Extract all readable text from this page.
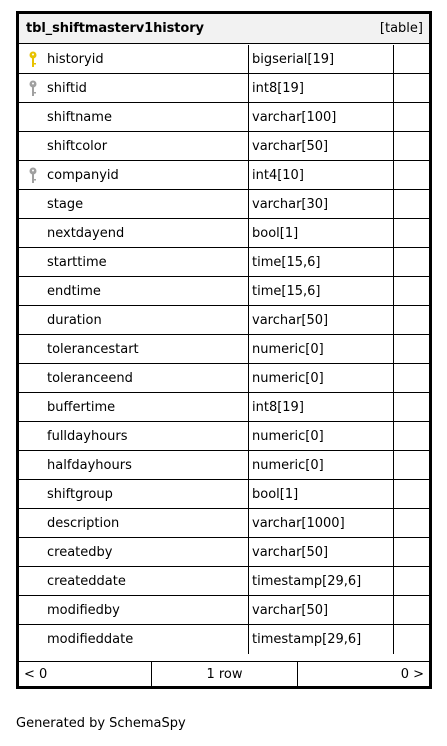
tbl_shiftmasterv1history	[table]
historyid	bigserial[19]
shiftid	int8[19]
shiftname	varchar[100]
shiftcolor	varchar[50]
companyid	int4[10]
stage	varchar[30]
nextdayend	bool[1]
starttime	time[15,6]
endtime	time[15,6]
duration	varchar[50]
tolerancestart	numeric[0]
toleranceend	numeric[0]
buffertime	int8[19]
fulldayhours	numeric[0]
halfdayhours	numeric[0]
shiftgroup	bool[1]
description	varchar[1000]
createdby	varchar[50]
createddate	timestamp[29,6]
modifiedby	varchar[50]
modifieddate	timestamp[29,6]
< 0	1 row	0 >
Generated by SchemaSpy
